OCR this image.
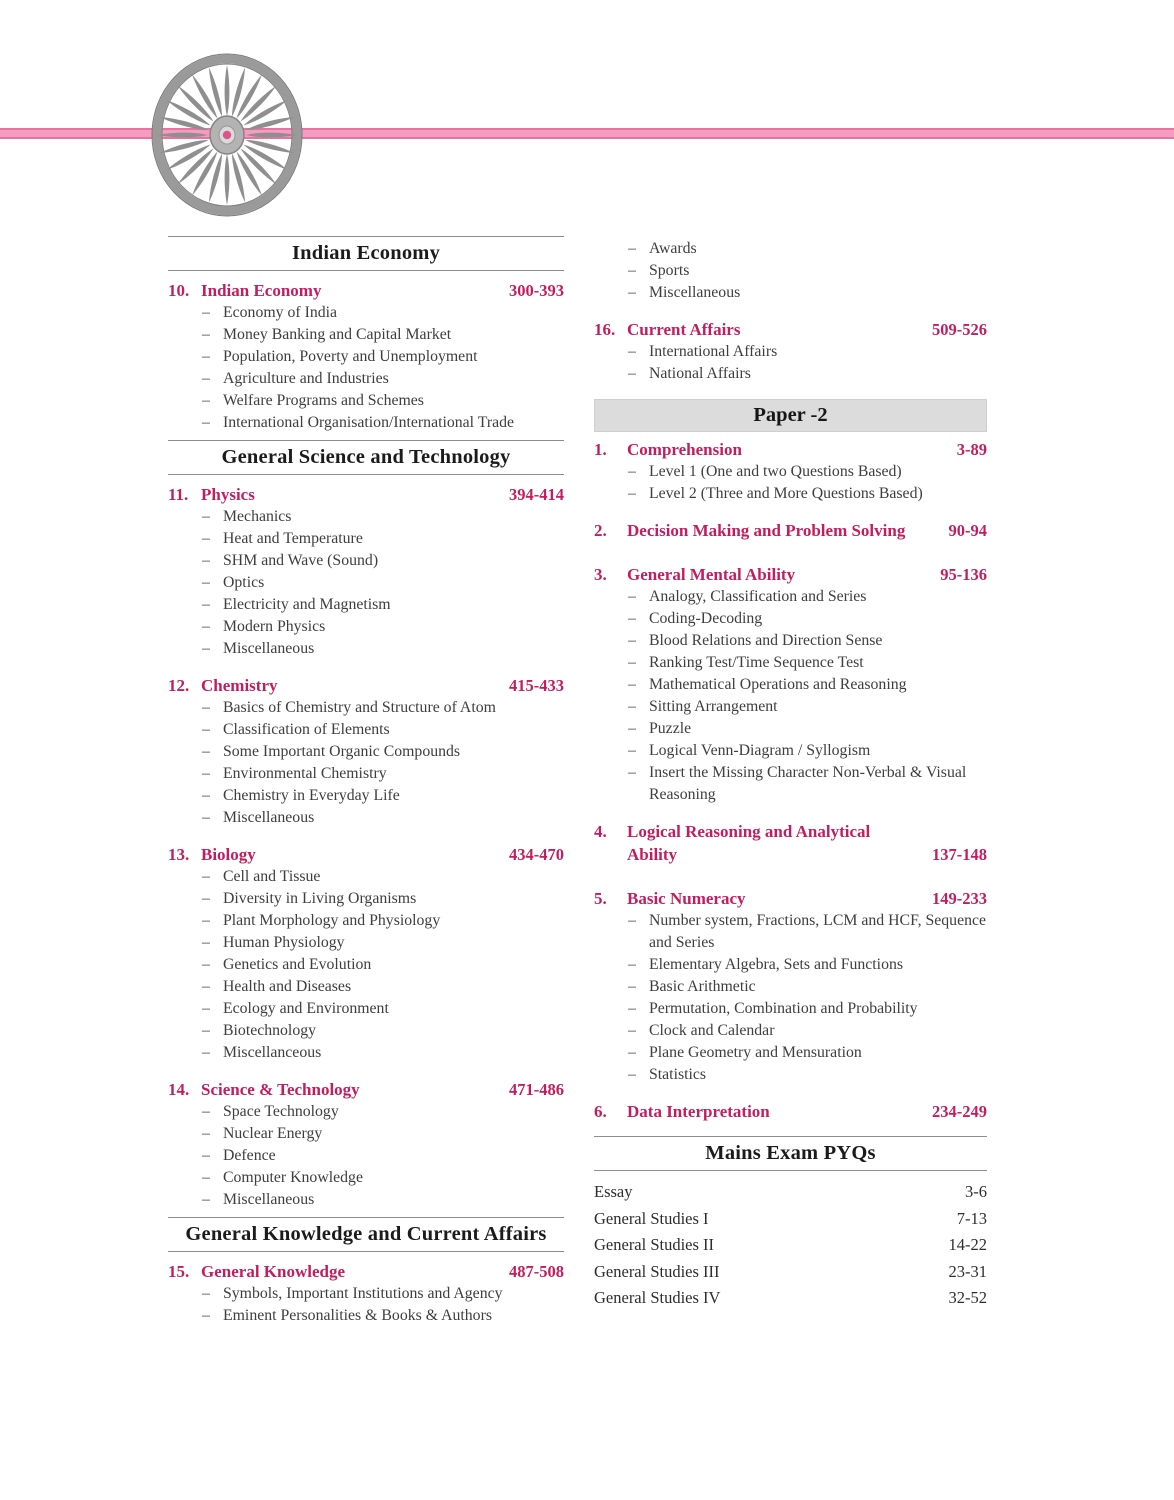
Indian Economy
10. Indian Economy	300-393
– Economy of India
– Money Banking and Capital Market
– Population, Poverty and Unemployment
– Agriculture and Industries
– Welfare Programs and Schemes
– International Organisation/International Trade
General Science and Technology
11. Physics	394-414
– Mechanics
– Heat and Temperature
– SHM and Wave (Sound)
– Optics
– Electricity and Magnetism
– Modern Physics
– Miscellaneous
12. Chemistry	415-433
– Basics of Chemistry and Structure of Atom
– Classification of Elements
– Some Important Organic Compounds
– Environmental Chemistry
– Chemistry in Everyday Life
– Miscellaneous
13. Biology	434-470
– Cell and Tissue
– Diversity in Living Organisms
– Plant Morphology and Physiology
– Human Physiology
– Genetics and Evolution
– Health and Diseases
– Ecology and Environment
– Biotechnology
– Miscellanceous
14. Science & Technology	471-486
– Space Technology
– Nuclear Energy
– Defence
– Computer Knowledge
– Miscellaneous
General Knowledge and Current Affairs
15. General Knowledge	487-508
– Symbols, Important Institutions and Agency
– Eminent Personalities & Books & Authors
– Awards
– Sports
– Miscellaneous
16. Current Affairs	509-526
– International Affairs
– National Affairs
Paper -2
1.	Comprehension	3-89
– Level 1 (One and two Questions Based)
– Level 2 (Three and More Questions Based)
2.	Decision Making and Problem Solving	90-94
3.	General Mental Ability	95-136
– Analogy, Classification and Series
– Coding-Decoding
– Blood Relations and Direction Sense
– Ranking Test/Time Sequence Test
– Mathematical Operations and Reasoning
– Sitting Arrangement
– Puzzle
– Logical Venn-Diagram / Syllogism
– Insert the Missing Character Non-Verbal & Visual Reasoning
4.	Logical Reasoning and Analytical
Ability	137-148
5.	Basic Numeracy	149-233
– Number system, Fractions, LCM and HCF, Sequence and Series
– Elementary Algebra, Sets and Functions
– Basic Arithmetic
– Permutation, Combination and Probability
– Clock and Calendar
– Plane Geometry and Mensuration
– Statistics
6.	Data Interpretation	234-249
Mains Exam PYQs
Essay	3-6
General Studies I	7-13
General Studies II	14-22
General Studies III	23-31
General Studies IV	32-52
